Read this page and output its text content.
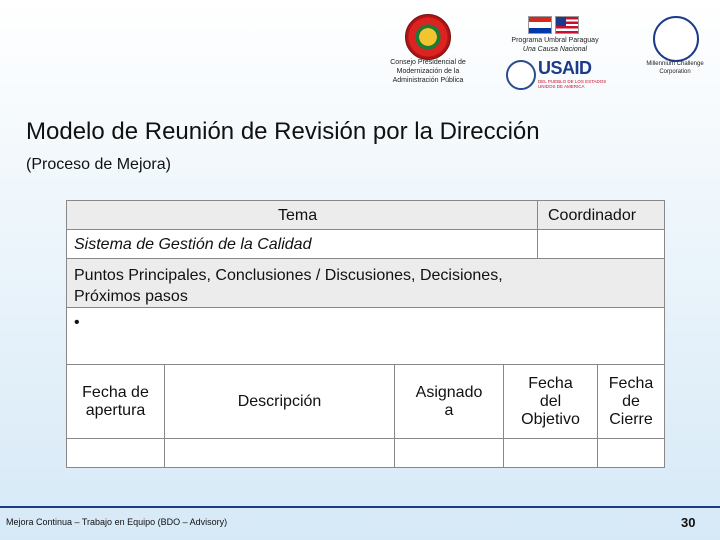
Consejo Presidencial de
Modernización de la
Administración Pública
Programa Umbral Paraguay
Una Causa Nacional
USAID
DEL PUEBLO DE LOS ESTADOS UNIDOS DE AMERICA
Millennium Challenge
Corporation
Modelo de Reunión de Revisión por la Dirección
(Proceso de Mejora)
Tema	Coordinador
Sistema de Gestión de la Calidad
Puntos Principales, Conclusiones / Discusiones, Decisiones,
Próximos pasos
•
Fecha de
apertura
Descripción
Asignado
a
Fecha
del
Objetivo
Fecha
de
Cierre
Mejora Continua – Trabajo en Equipo (BDO – Advisory)	30
